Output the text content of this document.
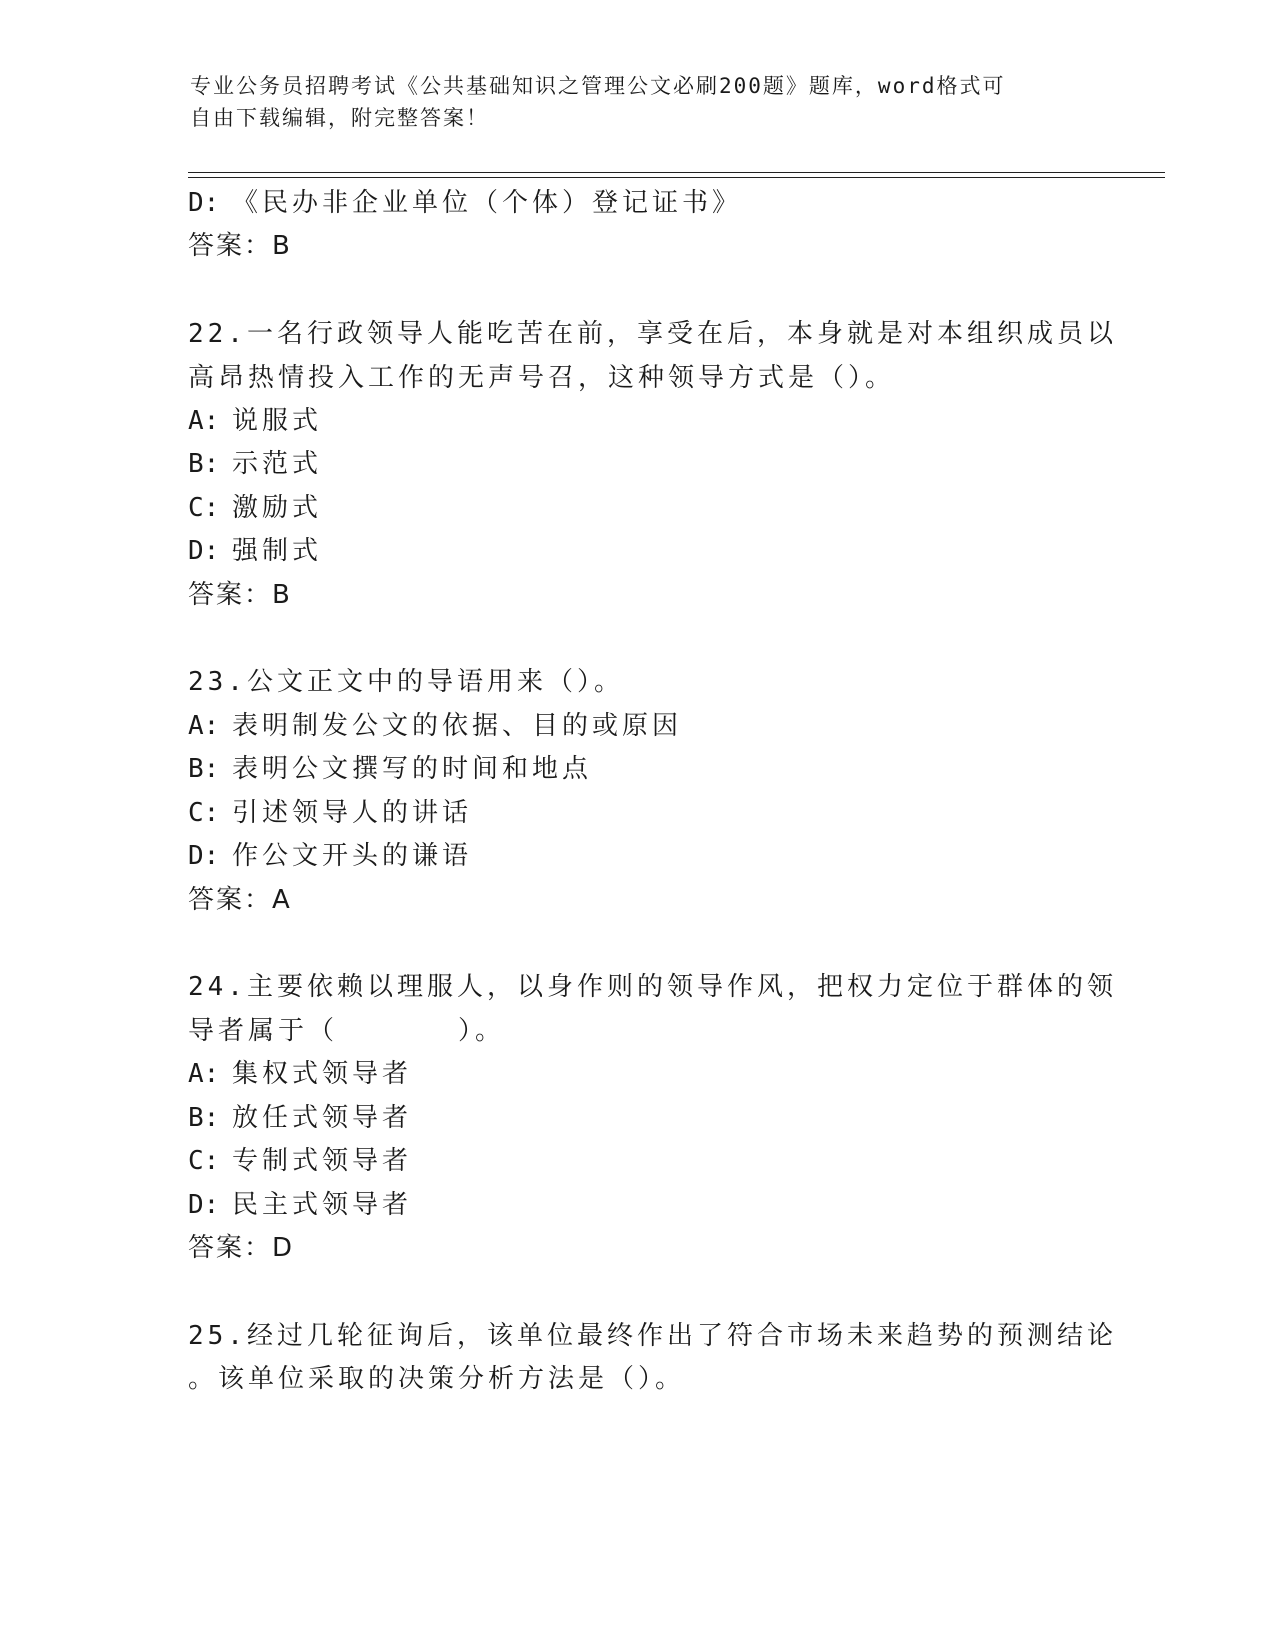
专业公务员招聘考试《公共基础知识之管理公文必刷200题》题库，word格式可
自由下载编辑，附完整答案！
D: 《民办非企业单位（个体）登记证书》
答案：B
22.一名行政领导人能吃苦在前，享受在后，本身就是对本组织成员以
高昂热情投入工作的无声号召，这种领导方式是（）。
A: 说服式
B: 示范式
C: 激励式
D: 强制式
答案：B
23.公文正文中的导语用来（）。
A: 表明制发公文的依据、目的或原因
B: 表明公文撰写的时间和地点
C: 引述领导人的讲话
D: 作公文开头的谦语
答案：A
24.主要依赖以理服人，以身作则的领导作风，把权力定位于群体的领
导者属于（　　　　）。
A: 集权式领导者
B: 放任式领导者
C: 专制式领导者
D: 民主式领导者
答案：D
25.经过几轮征询后，该单位最终作出了符合市场未来趋势的预测结论
。该单位采取的决策分析方法是（）。
